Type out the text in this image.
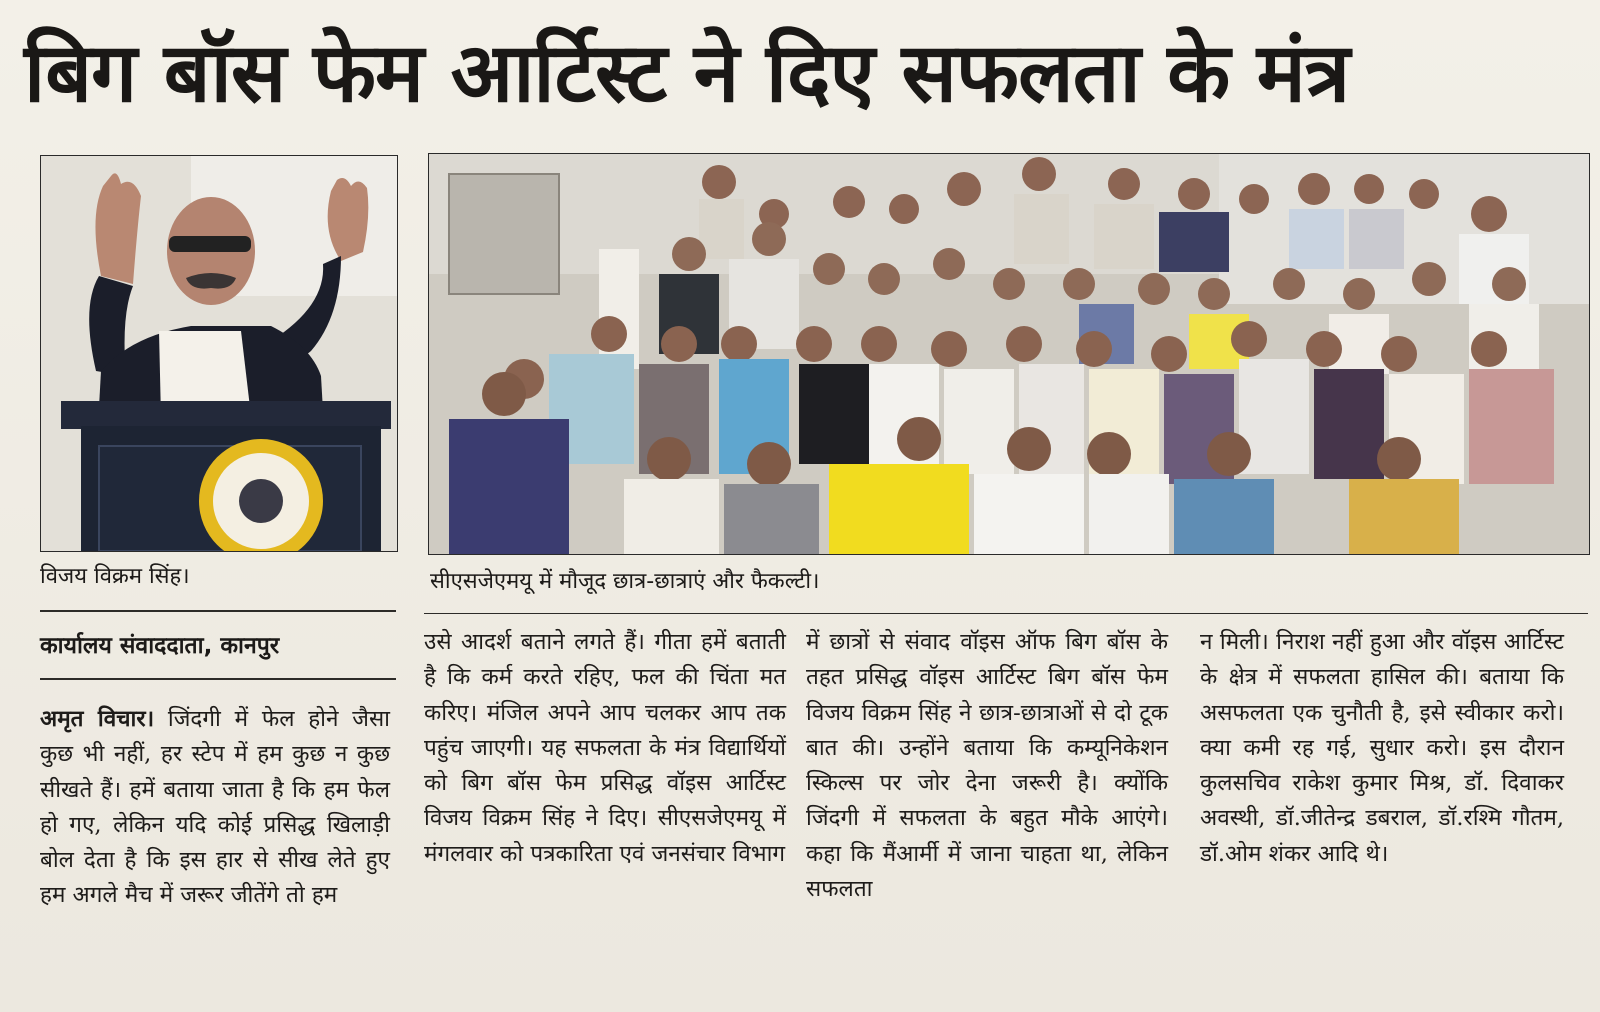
बिग बॉस फेम आर्टिस्ट ने दिए सफलता के मंत्र
विजय विक्रम सिंह।	सीएसजेएमयू में मौजूद छात्र-छात्राएं और फैकल्टी।
कार्यालय संवाददाता, कानपुर

अमृत विचार। जिंदगी में फेल होने जैसा कुछ भी नहीं, हर स्टेप में हम कुछ न कुछ सीखते हैं। हमें बताया जाता है कि हम फेल हो गए, लेकिन यदि कोई प्रसिद्ध खिलाड़ी बोल देता है कि इस हार से सीख लेते हुए हम अगले मैच में जरूर जीतेंगे तो हम

उसे आदर्श बताने लगते हैं। गीता हमें बताती है कि कर्म करते रहिए, फल की चिंता मत करिए। मंजिल अपने आप चलकर आप तक पहुंच जाएगी। यह सफलता के मंत्र विद्यार्थियों को बिग बॉस फेम प्रसिद्ध वॉइस आर्टिस्ट विजय विक्रम सिंह ने दिए। सीएसजेएमयू में मंगलवार को पत्रकारिता एवं जनसंचार विभाग

में छात्रों से संवाद वॉइस ऑफ बिग बॉस के तहत प्रसिद्ध वॉइस आर्टिस्ट बिग बॉस फेम विजय विक्रम सिंह ने छात्र-छात्राओं से दो टूक बात की। उन्होंने बताया कि कम्यूनिकेशन स्किल्स पर जोर देना जरूरी है। क्योंकि जिंदगी में सफलता के बहुत मौके आएंगे। कहा कि मैंआर्मी में जाना चाहता था, लेकिन सफलता

न मिली। निराश नहीं हुआ और वॉइस आर्टिस्ट के क्षेत्र में सफलता हासिल की। बताया कि असफलता एक चुनौती है, इसे स्वीकार करो। क्या कमी रह गई, सुधार करो। इस दौरान कुलसचिव राकेश कुमार मिश्र, डॉ. दिवाकर अवस्थी, डॉ.जीतेन्द्र डबराल, डॉ.रश्मि गौतम, डॉ.ओम शंकर आदि थे।
